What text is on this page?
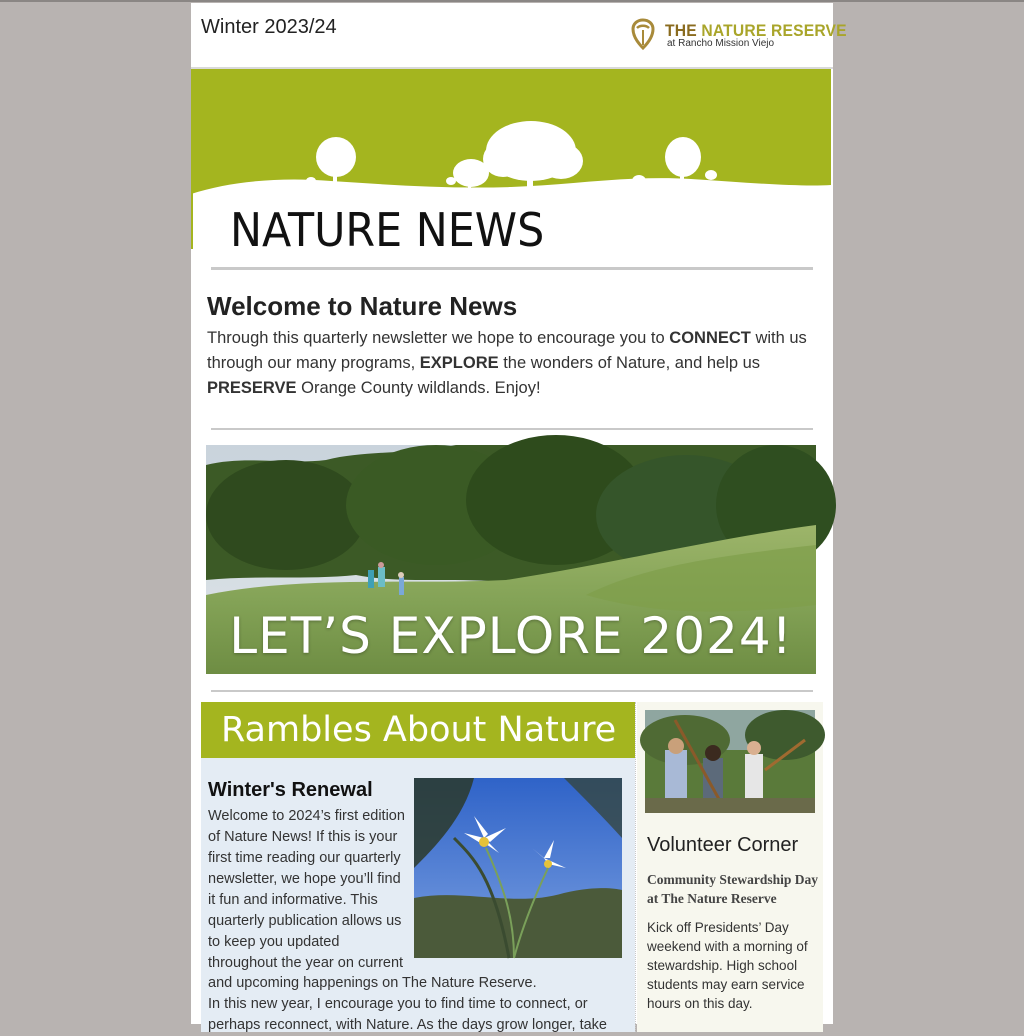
Winter 2023/24	THE NATURE RESERVE
at Rancho Mission Viejo
NATURE NEWS
Welcome to Nature News
Through this quarterly newsletter we hope to encourage you to CONNECT with us through our many programs, EXPLORE the wonders of Nature, and help us PRESERVE Orange County wildlands. Enjoy!
LET’S EXPLORE 2024!
Rambles About Nature
Winter's Renewal
Welcome to 2024’s first edition of Nature News! If this is your first time reading our quarterly newsletter, we hope you’ll find it fun and informative. This quarterly publication allows us to keep you updated throughout the year on current
and upcoming happenings on The Nature Reserve.
In this new year, I encourage you to find time to connect, or perhaps reconnect, with Nature. As the days grow longer, take
Volunteer Corner
Community Stewardship Day at The Nature Reserve
Kick off Presidents’ Day weekend with a morning of stewardship. High school students may earn service hours on this day.
